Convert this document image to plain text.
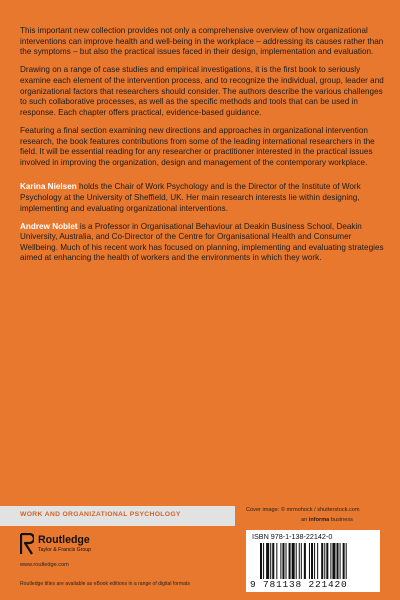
This important new collection provides not only a comprehensive overview of how organizational interventions can improve health and well-being in the workplace – addressing its causes rather than the symptoms – but also the practical issues faced in their design, implementation and evaluation.

Drawing on a range of case studies and empirical investigations, it is the first book to seriously examine each element of the intervention process, and to recognize the individual, group, leader and organizational factors that researchers should consider. The authors describe the various challenges to such collaborative processes, as well as the specific methods and tools that can be used in response. Each chapter offers practical, evidence-based guidance.

Featuring a final section examining new directions and approaches in organizational intervention research, the book features contributions from some of the leading international researchers in the field. It will be essential reading for any researcher or practitioner interested in the practical issues involved in improving the organization, design and management of the contemporary workplace.

Karina Nielsen holds the Chair of Work Psychology and is the Director of the Institute of Work Psychology at the University of Sheffield, UK. Her main research interests lie within designing, implementing and evaluating organizational interventions.

Andrew Noblet is a Professor in Organisational Behaviour at Deakin Business School, Deakin University, Australia, and Co-Director of the Centre for Organisational Health and Consumer Wellbeing. Much of his recent work has focused on planning, implementing and evaluating strategies aimed at enhancing the health of workers and the environments in which they work.

WORK AND ORGANIZATIONAL PSYCHOLOGY
Cover image: © mrmohock / shutterstock.com
an informa business
Routledge
Taylor & Francis Group
www.routledge.com
Routledge titles are available as eBook editions in a range of digital formats
ISBN 978-1-138-22142-0
9 781138 221420
